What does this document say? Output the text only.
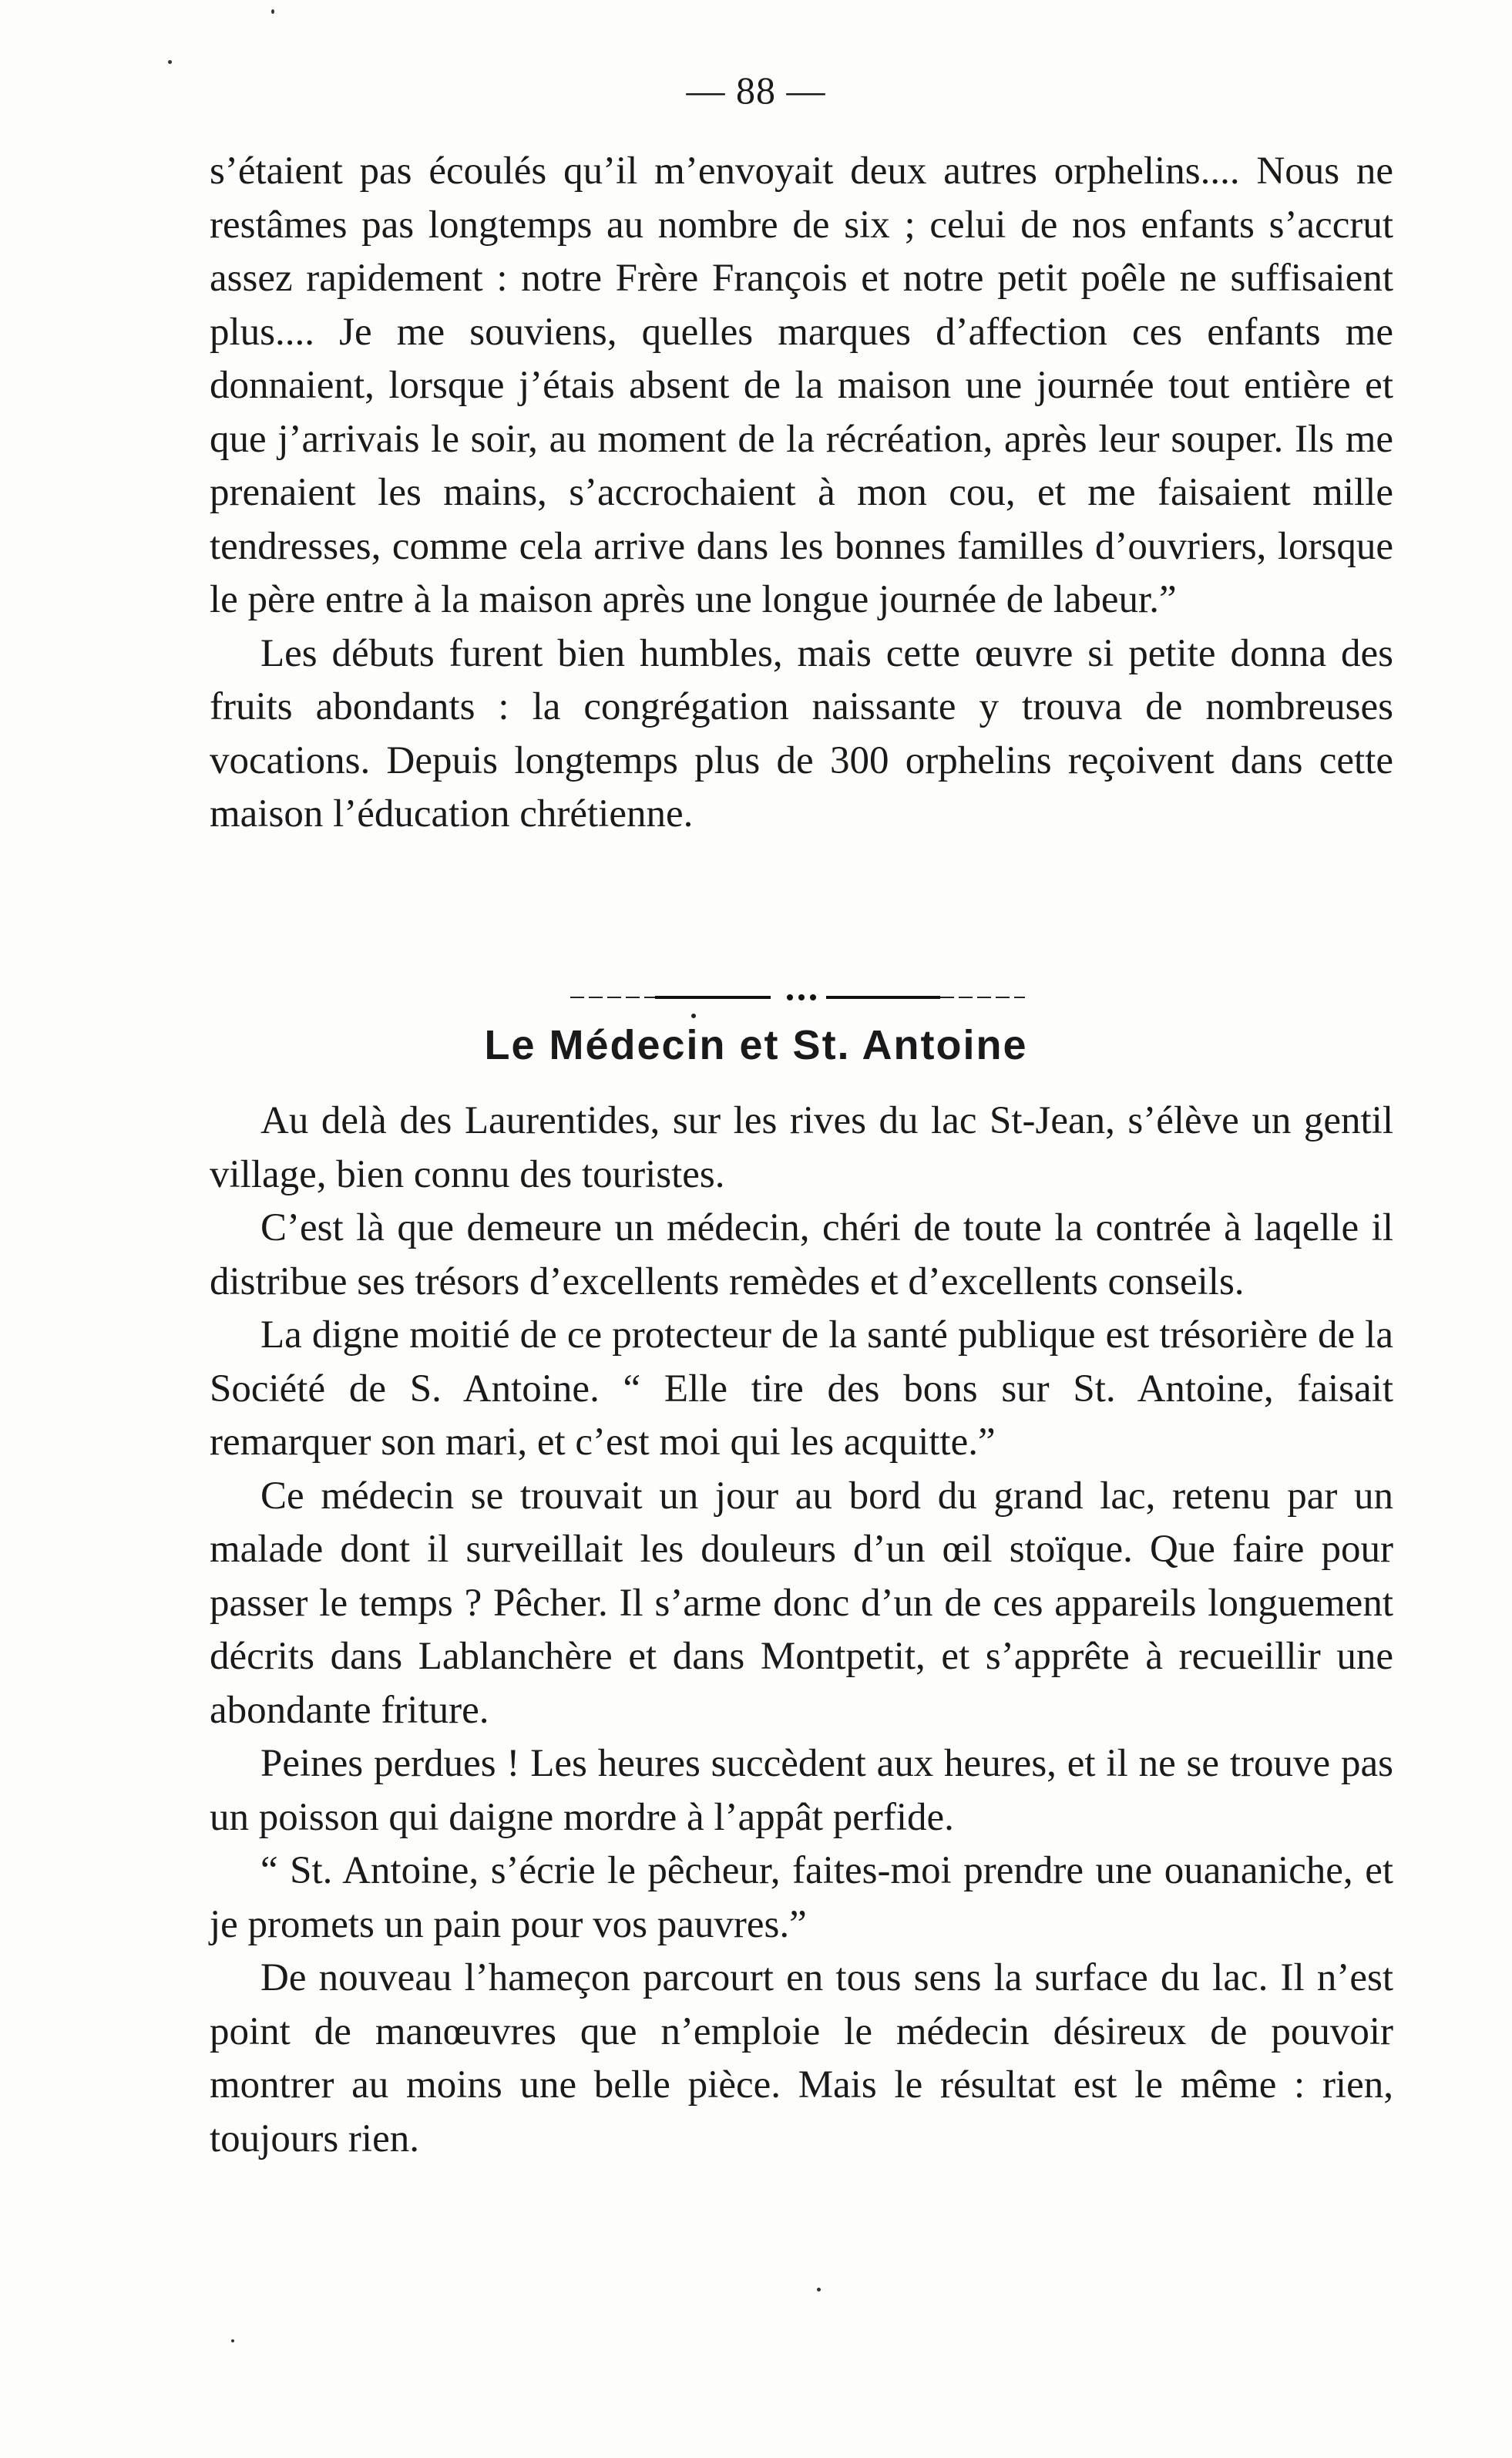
— 88 —

s’étaient pas écoulés qu’il m’envoyait deux autres orphelins.... Nous ne restâmes pas longtemps au nombre de six ; celui de nos enfants s’accrut assez rapidement : notre Frère François et notre petit poêle ne suffisaient plus.... Je me souviens, quelles marques d’affection ces enfants me donnaient, lorsque j’étais absent de la maison une journée tout entière et que j’arrivais le soir, au moment de la récréation, après leur souper. Ils me prenaient les mains, s’accrochaient à mon cou, et me faisaient mille tendresses, comme cela arrive dans les bonnes familles d’ouvriers, lorsque le père entre à la maison après une longue journée de labeur.”

Les débuts furent bien humbles, mais cette œuvre si petite donna des fruits abondants : la congrégation naissante y trouva de nombreuses vocations. Depuis longtemps plus de 300 orphelins reçoivent dans cette maison l’éducation chrétienne.

Le Médecin et St. Antoine

Au delà des Laurentides, sur les rives du lac St-Jean, s’élève un gentil village, bien connu des touristes.

C’est là que demeure un médecin, chéri de toute la contrée à laqelle il distribue ses trésors d’excellents remèdes et d’excellents conseils.

La digne moitié de ce protecteur de la santé publique est trésorière de la Société de S. Antoine. “ Elle tire des bons sur St. Antoine, faisait remarquer son mari, et c’est moi qui les acquitte.”

Ce médecin se trouvait un jour au bord du grand lac, retenu par un malade dont il surveillait les douleurs d’un œil stoïque. Que faire pour passer le temps ? Pêcher. Il s’arme donc d’un de ces appareils longuement décrits dans Lablanchère et dans Montpetit, et s’apprête à recueillir une abondante friture.

Peines perdues ! Les heures succèdent aux heures, et il ne se trouve pas un poisson qui daigne mordre à l’appât perfide.

“ St. Antoine, s’écrie le pêcheur, faites-moi prendre une ouananiche, et je promets un pain pour vos pauvres.”

De nouveau l’hameçon parcourt en tous sens la surface du lac. Il n’est point de manœuvres que n’emploie le médecin désireux de pouvoir montrer au moins une belle pièce. Mais le résultat est le même : rien, toujours rien.
